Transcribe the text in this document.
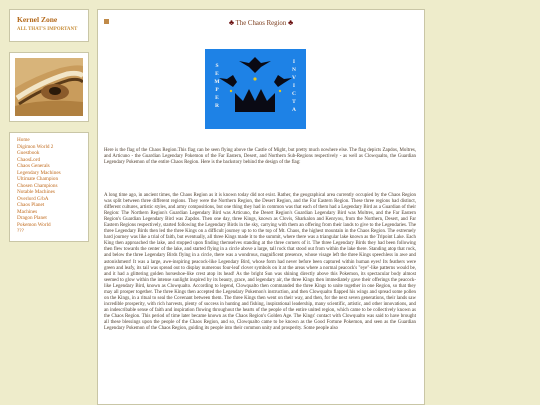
Kernel Zone
ALL THAT'S IMPORTANT
Home
Digimon World 2
Guestbook
ChaosLord
Chaos Generals
Legendary Machines
Ultimate Champion
Chosen Champions
Notable Machines
Overlord G/bA
Chaos Planet
Machines
Dragon Planet
Pokemon World
???
♣ The Chaos Region ♣
S
E
M
P
E
R
I
N
V
I
C
T
A

Here is the flag of the Chaos Region.This flag can be seen flying above the Castle of Might, but pretty much nowhere else. The flag depicts Zapdos, Moltres, and Articuno - the Guardian Legendary Pokemon of the Far Eastern, Desert, and Northern Sub-Regions respectively - as well as Clowqualto, the Guardian Legendary Pokemon of the entire Chaos Region. Here is the backstory behind the design of the flag:

A long time ago, in ancient times, the Chaos Region as it is known today did not exist. Rather, the geographical area currently occupied by the Chaos Region was split between three different regions. They were the Northern Region, the Desert Region, and the Far Eastern Region. These three regions had distinct, different cultures, artistic styles, and army compositions, but one thing they had in common was that each of them had a Legendary Bird as a Guardian of their Region: The Northern Region's Guardian Legendary Bird was Articuno, the Desert Region's Guardian Legendary Bird was Moltres, and the Far Eastern Region's Guardian Legendary Bird was Zapdos. Then one day, three Kings, known as Clovis, Sharkalon and Kenryou, from the Northern, Desert, and Far Eastern Regions respectively, started following the Legendary Birds in the sky, carrying with them an offering from their lands to give to the Legendaries. The three Legendary Birds then led the three Kings on a difficult journey up to to the top of Mt. Chaos, the highest mountain in the Chaos Region. The extremely hard journey was like a trial of faith, but eventually, all three Kings made it to the summit, where there was a triangular lake known as the Tripoint Lake. Each King then approached the lake, and stopped upon finding themselves standing at the three corners of it. The three Legendary Birds they had been following then flew towards the center of the lake, and started flying in a circle above a large, tall rock that stood out from within the lake there. Standing atop that rock, and below the three Legendary Birds flying in a circle, there was a wondrous, magnificent presence, whose visage left the three Kings speechless in awe and astonishment! It was a large, awe-inspiring peacock-like Legendary Bird, whose form had never before been captured within human eyes! Its feathers were green and leafy, its tail was spread out to display numerous four-leaf clover symbols on it at the areas where a normal peacock's "eye"-like patterns would be, and it had a glittering golden horseshoe-like crest atop its head! As the bright Sun was shining directly above this Pokemon, its spectacular body almost seemed to glow within the intense sunlight inspired by its beauty, grace, and legendary air, the three Kings then immediately gave their offerings the peacock-like Legendary Bird, known as Clowqualto. According to legend, Clowqualto then commanded the three Kings to unite together in one Region, so that they may all prosper together. The three Kings then accepted the Legendary Pokemon's instruction, and then Clowqualto flapped his wings and spread some pollen on the Kings, in a ritual to seal the Covenant between them. The three Kings then went on their way, and then, for the next seven generations, their lands saw incredible prosperity, with rich harvests, plenty of success in hunting and fishing, inspirational leadership, many scientific, artistic, and other innovations, and an indescribable sense of faith and inspiration flowing throughout the hearts of the people of the entire united region, which came to be collectively known as the Chaos Region. This period of time later became known as the Chaos Region's Golden Age. The Kings' contact with Clowqualto was said to have brought all these blessings upon the people of the Chaos Region, and so, Clowqualto came to be known as the Good Fortune Pokemon, and seen as the Guardian Legendary Pokemon of the Chaos Region, guiding its people into their common unity and prosperity. Some people also
